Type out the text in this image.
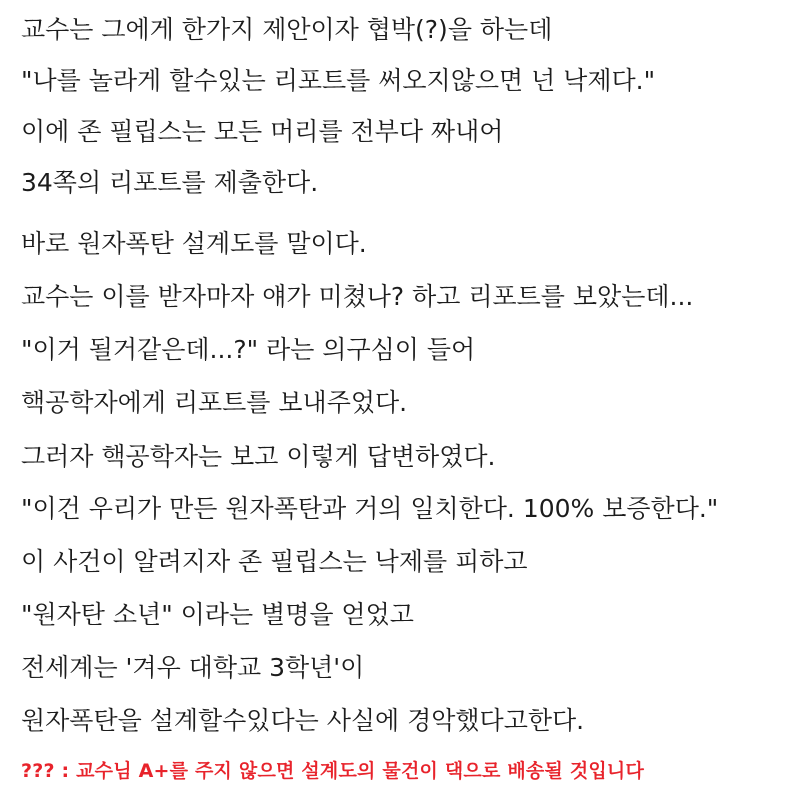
교수는 그에게 한가지 제안이자 협박(?)을 하는데
"나를 놀라게 할수있는 리포트를 써오지않으면 넌 낙제다."
이에 존 필립스는 모든 머리를 전부다 짜내어
34쪽의 리포트를 제출한다.
바로 원자폭탄 설계도를 말이다.
교수는 이를 받자마자 얘가 미쳤나? 하고 리포트를 보았는데...
"이거 될거같은데...?" 라는 의구심이 들어
핵공학자에게 리포트를 보내주었다.
그러자 핵공학자는 보고 이렇게 답변하였다.
"이건 우리가 만든 원자폭탄과 거의 일치한다. 100% 보증한다."
이 사건이 알려지자 존 필립스는 낙제를 피하고
"원자탄 소년" 이라는 별명을 얻었고
전세계는 '겨우 대학교 3학년'이
원자폭탄을 설계할수있다는 사실에 경악했다고한다.
??? : 교수님 A+를 주지 않으면 설계도의 물건이 댁으로 배송될 것입니다
